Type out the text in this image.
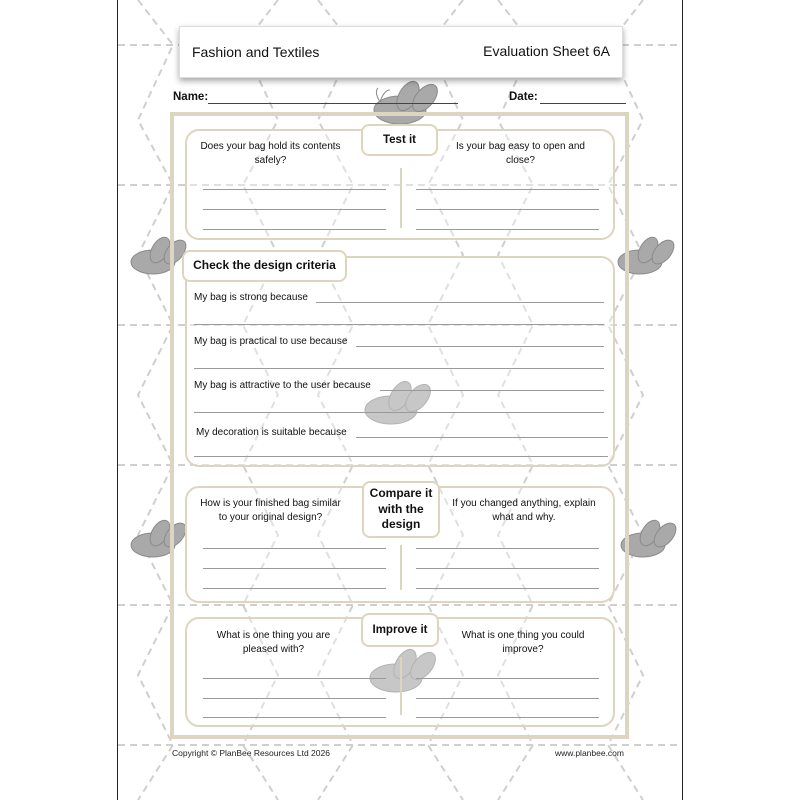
Fashion and Textiles	Evaluation Sheet 6A
Name:	Date:
Test it
Does your bag hold its contents safely?
Is your bag easy to open and close?
Check the design criteria
My bag is strong because
My bag is practical to use because
My bag is attractive to the user because
My decoration is suitable because
Compare it with the design
How is your finished bag similar to your original design?
If you changed anything, explain what and why.
Improve it
What is one thing you are pleased with?
What is one thing you could improve?
Copyright © PlanBee Resources Ltd 2026	www.planbee.com
